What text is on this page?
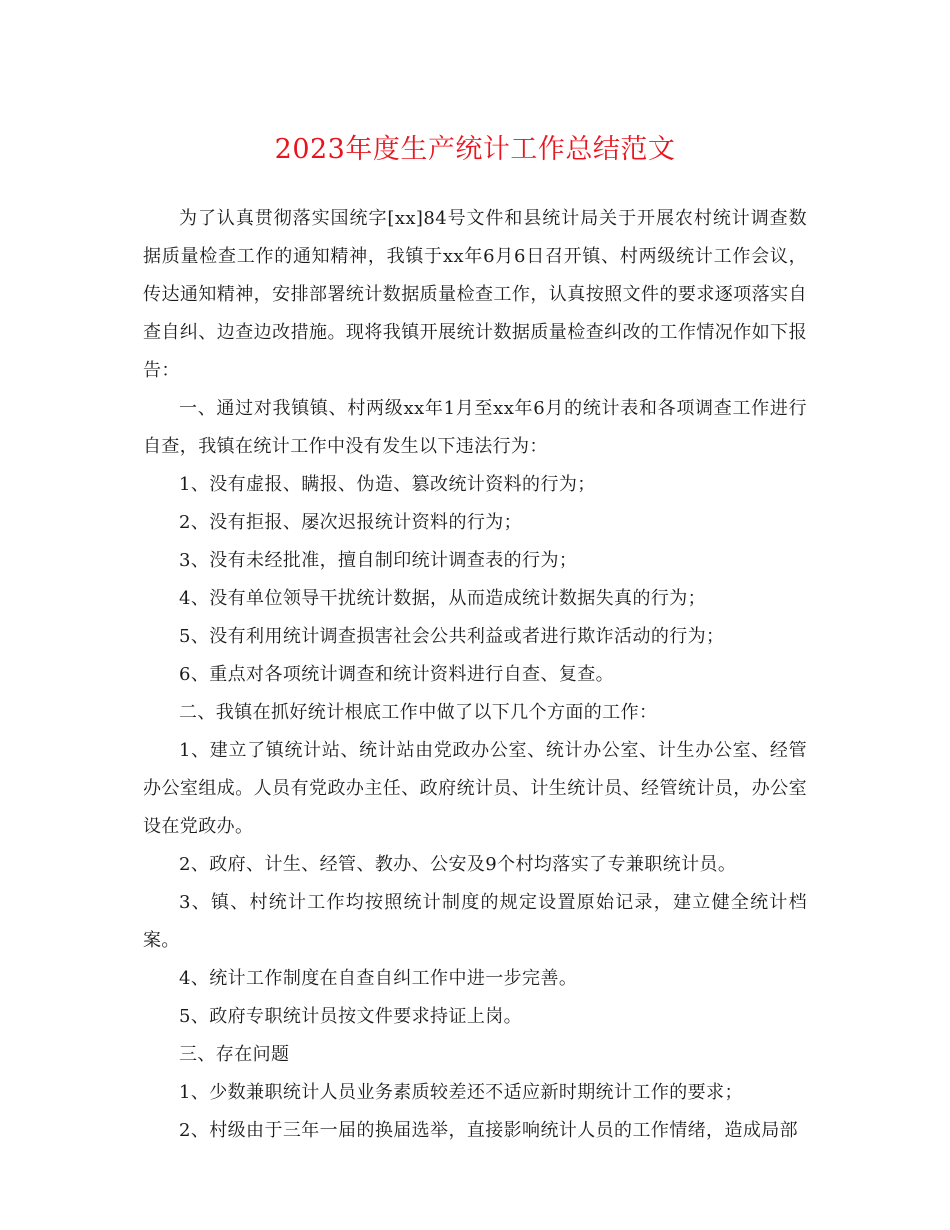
2023年度生产统计工作总结范文

为了认真贯彻落实国统字[xx]84号文件和县统计局关于开展农村统计调查数据质量检查工作的通知精神，我镇于xx年6月6日召开镇、村两级统计工作会议，传达通知精神，安排部署统计数据质量检查工作，认真按照文件的要求逐项落实自查自纠、边查边改措施。现将我镇开展统计数据质量检查纠改的工作情况作如下报告：

一、通过对我镇镇、村两级xx年1月至xx年6月的统计表和各项调查工作进行自查，我镇在统计工作中没有发生以下违法行为：

1、没有虚报、瞒报、伪造、篡改统计资料的行为；

2、没有拒报、屡次迟报统计资料的行为；

3、没有未经批准，擅自制印统计调查表的行为；

4、没有单位领导干扰统计数据，从而造成统计数据失真的行为；

5、没有利用统计调查损害社会公共利益或者进行欺诈活动的行为；

6、重点对各项统计调查和统计资料进行自查、复查。

二、我镇在抓好统计根底工作中做了以下几个方面的工作：

1、建立了镇统计站、统计站由党政办公室、统计办公室、计生办公室、经管办公室组成。人员有党政办主任、政府统计员、计生统计员、经管统计员，办公室设在党政办。

2、政府、计生、经管、教办、公安及9个村均落实了专兼职统计员。

3、镇、村统计工作均按照统计制度的规定设置原始记录，建立健全统计档案。

4、统计工作制度在自查自纠工作中进一步完善。

5、政府专职统计员按文件要求持证上岗。

三、存在问题

1、少数兼职统计人员业务素质较差还不适应新时期统计工作的要求；

2、村级由于三年一届的换届选举，直接影响统计人员的工作情绪，造成局部
